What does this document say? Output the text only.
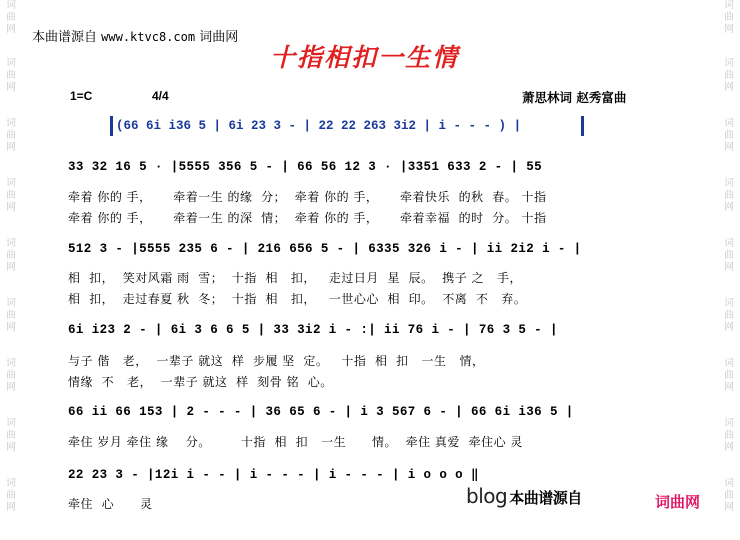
词
曲
网
词
曲
网
词
曲
网
词
曲
网
词
曲
网
词
曲
网
词
曲
网
词
曲
网
词
曲
网
词
曲
网
词
曲
网
词
曲
网
词
曲
网
词
曲
网
词
曲
网
词
曲
网
词
曲
网
词
曲
网
本曲谱源自 www.ktvc8.com 词曲网
十指相扣一生情
1=C	4/4	萧思林词 赵秀富曲
(66 6i i36 5 | 6i 23 3 - | 22 22 263 3i2 | i - - - ) |
33 32 16 5 · |5555 356 5 - | 66 56 12 3 · |3351 633 2 - | 55
牵着 你的 手，     牵着一生 的缘  分；  牵着 你的 手，     牵着快乐  的秋  春。 十指
牵着 你的 手，     牵着一生 的深  情；  牵着 你的 手，     牵着幸福  的时  分。 十指
512 3 - |5555 235 6 - | 216 656 5 - | 6335 326 i - | ii 2i2 i - |
相  扣，  笑对风霜 雨  雪；  十指  相   扣，   走过日月  星  辰。  携子 之   手，
相  扣，  走过春夏 秋  冬；  十指  相   扣，   一世心心  相  印。  不离  不   弃。
6i i23 2 - | 6i 3 6 6 5 | 33 3i2 i - :| ii 76 i - | 76 3 5 - |
与子 偕   老，  一辈子 就这  样  步履 坚  定。   十指  相  扣   一生   情，
情缘  不   老，  一辈子 就这  样  刻骨 铭  心。
66 ii 66 153 | 2 - - - | 36 65 6 - | i 3 567 6 - | 66 6i i36 5 |
牵住 岁月 牵住 缘    分。       十指  相  扣   一生      情。  牵住 真爱  牵住心 灵
22 23 3 - |12i i - - | i - - - | i - - - | i o o o ‖
牵住  心      灵	blog 本曲谱源自	词曲网
